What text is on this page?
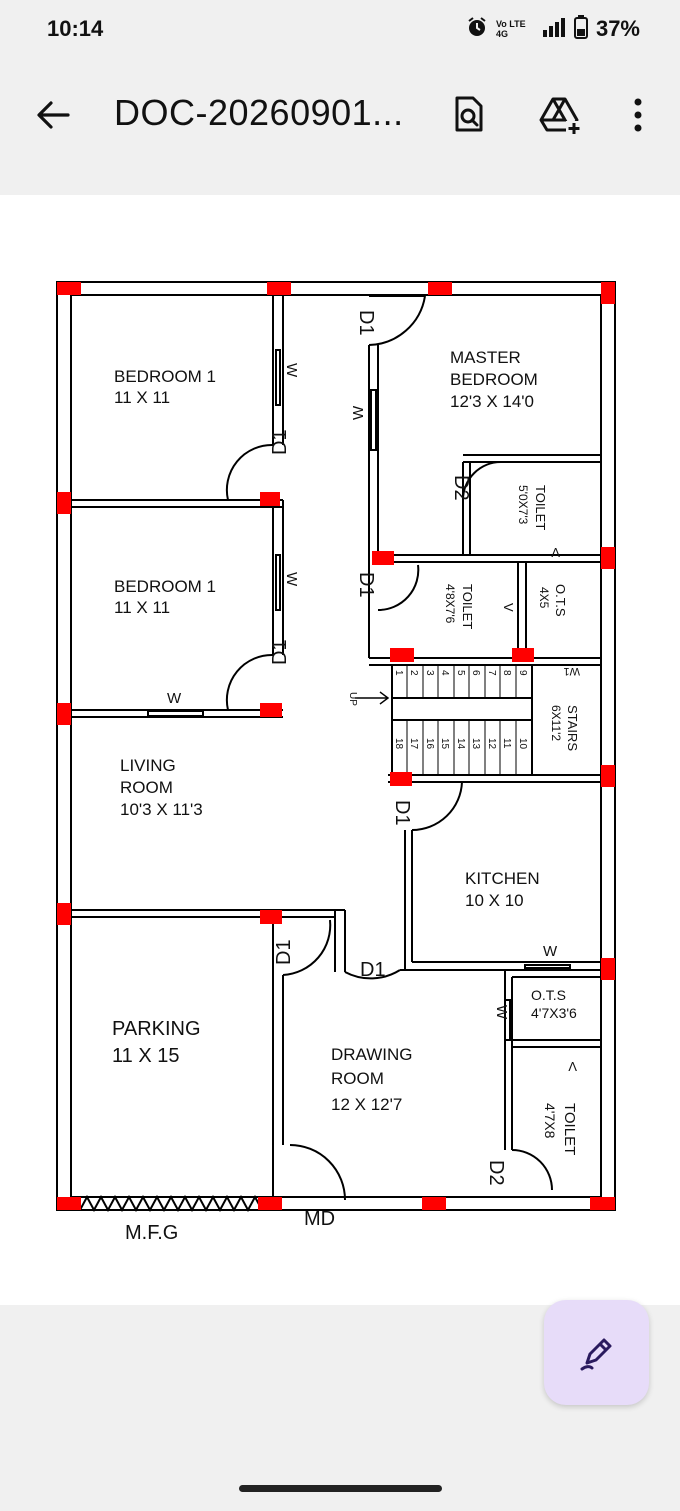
10:14	Vo LTE 4G	37%
DOC-20260901...
BEDROOM 1
11 X 11
BEDROOM 1
11 X 11
MASTER
BEDROOM
12'3 X 14'0
LIVING
ROOM
10'3 X 11'3
KITCHEN
10 X 10
DRAWING
ROOM
12 X 12'7
O.T.S
4'7X3'6
PARKING
11 X 15
M.F.G
MD
D1
D1
D1
D1
D1
D1
D1
D2
D2
W
W
W
W
W
W
V
V
V
W1
UP
TOILET
5'0X7'3
TOILET
4'8X7'6	O.T.S
4X5
STAIRS
6X11'2
TOILET
4'7X8
1 2 3 4 5 6 7 8 9
18 17 16 15 14 13 12 11 10
